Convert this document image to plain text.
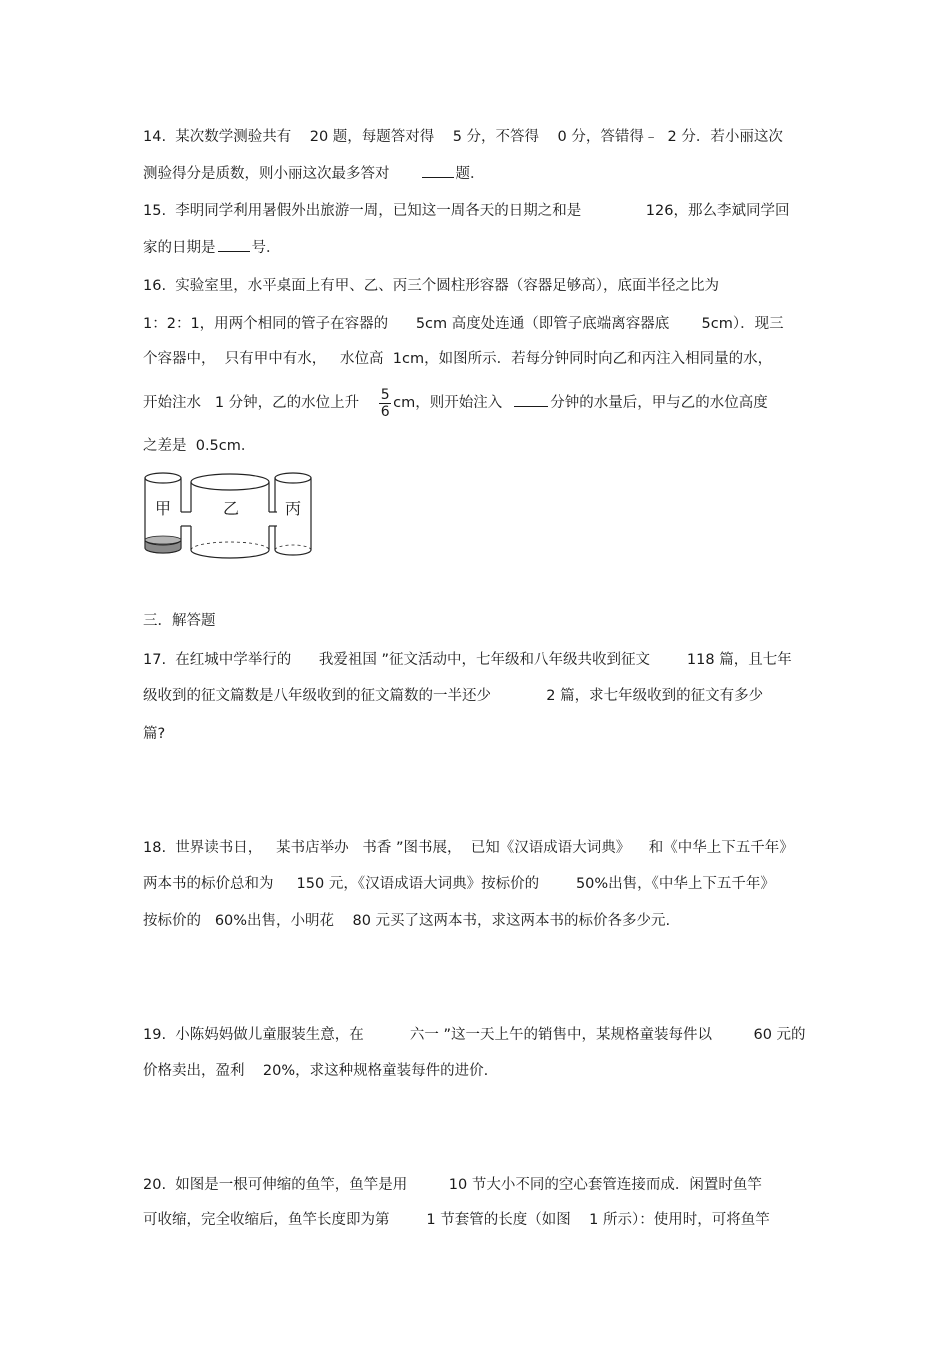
14.  某次数学测验共有    20 题，每题答对得    5 分，不答得    0 分，答错得﹣  2 分．若小丽这次
测验得分是质数，则小丽这次最多答对	题．
15.  李明同学利用暑假外出旅游一周，已知这一周各天的日期之和是              126，那么李斌同学回
家的日期是 号．
16.  实验室里，水平桌面上有甲、乙、丙三个圆柱形容器（容器足够高），底面半径之比为
1：2：1，用两个相同的管子在容器的      5cm 高度处连通（即管子底端离容器底       5cm）．现三
个容器中，  只有甲中有水，   水位高  1cm，如图所示．若每分钟同时向乙和丙注入相同量的水，
开始注水   1 分钟，乙的水位上升 $\frac{5}{6}$ cm，则开始注入	分钟的水量后，甲与乙的水位高度
之差是  0.5cm．
甲	乙	丙
三．解答题
17.  在红城中学举行的      我爱祖国 ”征文活动中，七年级和八年级共收到征文        118 篇，且七年
级收到的征文篇数是八年级收到的征文篇数的一半还少            2 篇，求七年级收到的征文有多少
篇?
18.  世界读书日，   某书店举办   书香 ”图书展，  已知《汉语成语大词典》    和《中华上下五千年》
两本书的标价总和为     150 元，《汉语成语大词典》按标价的        50%出售，《中华上下五千年》
按标价的   60%出售，小明花    80 元买了这两本书，求这两本书的标价各多少元.
19.  小陈妈妈做儿童服装生意，在          六一 ”这一天上午的销售中，某规格童装每件以         60 元的
价格卖出，盈利    20%，求这种规格童装每件的进价.
20.  如图是一根可伸缩的鱼竿，鱼竿是用         10 节大小不同的空心套管连接而成．闲置时鱼竿
可收缩，完全收缩后，鱼竿长度即为第        1 节套管的长度（如图    1 所示）：使用时，可将鱼竿
